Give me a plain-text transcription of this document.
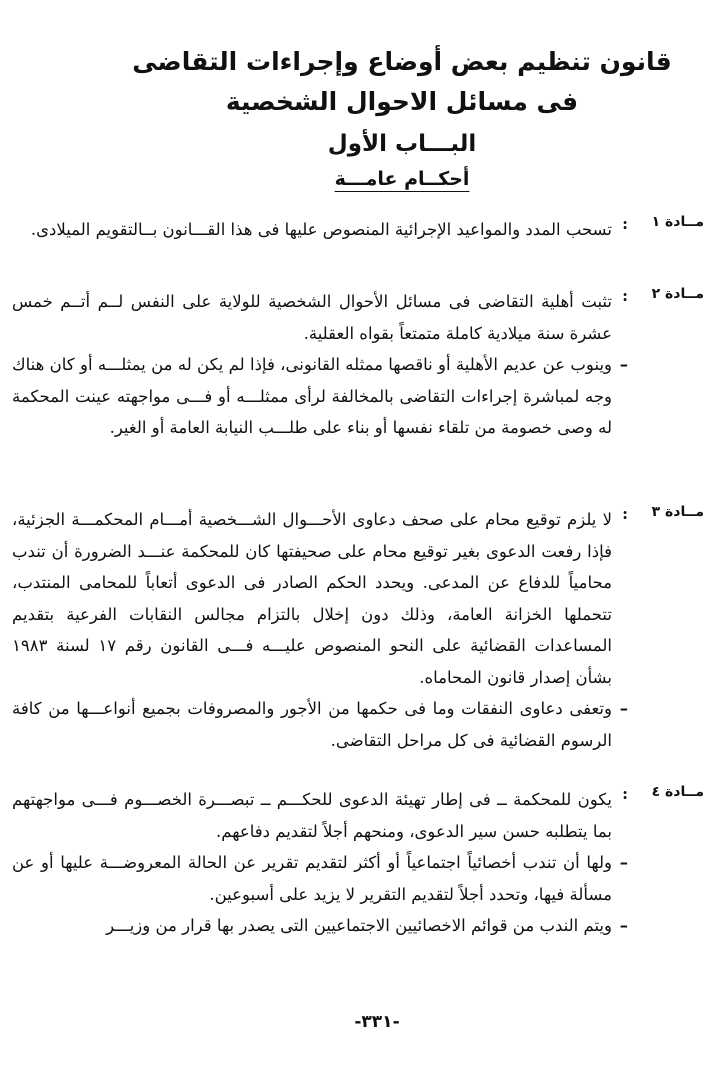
قانون تنظيم بعض أوضاع وإجراءات التقاضى

فى مسائل الاحوال الشخصية

البـــاب الأول

أحكــام عامـــة

مــادة ١
:

تسحب المدد والمواعيد الإجرائية المنصوص عليها فى هذا القـــانون بــالتقويم الميلادى.

مــادة ٢
:

تثبت أهلية التقاضى فى مسائل الأحوال الشخصية للولاية على النفس لــم أتــم خمس عشرة سنة ميلادية كاملة متمتعاً بقواه العقلية.

–

وينوب عن عديم الأهلية أو ناقصها ممثله القانونى، فإذا لم يكن له من يمثلـــه أو كان هناك وجه لمباشرة إجراءات التقاضى بالمخالفة لرأى ممثلـــه أو فـــى مواجهته عينت المحكمة له وصى خصومة من تلقاء نفسها أو بناء على طلـــب النيابة العامة أو الغير.

مــادة ٣
:

لا يلزم توقيع محام على صحف دعاوى الأحـــوال الشـــخصية أمـــام المحكمـــة الجزئية، فإذا رفعت الدعوى بغير توقيع محام على صحيفتها كان للمحكمة عنـــد الضرورة أن تندب محامياً للدفاع عن المدعى. ويحدد الحكم الصادر فى الدعوى أتعاباً للمحامى المنتدب، تتحملها الخزانة العامة، وذلك دون إخلال بالتزام مجالس النقابات الفرعية بتقديم المساعدات القضائية على النحو المنصوص عليـــه فـــى القانون رقم ١٧ لسنة ١٩٨٣ بشأن إصدار قانون المحاماه.

–

وتعفى دعاوى النفقات وما فى حكمها من الأجور والمصروفات بجميع أنواعـــها من كافة الرسوم القضائية فى كل مراحل التقاضى.

مــادة ٤
:

يكون للمحكمة ــ فى إطار تهيئة الدعوى للحكـــم ــ تبصـــرة الخصـــوم فـــى مواجهتهم بما يتطلبه حسن سير الدعوى، ومنحهم أجلاً لتقديم دفاعهم.

–

ولها أن تندب أخصائياً اجتماعياً أو أكثر لتقديم تقرير عن الحالة المعروضـــة عليها أو عن مسألة فيها، وتحدد أجلاً لتقديم التقرير لا يزيد على أسبوعين.

–

ويتم الندب من قوائم الاخصائيين الاجتماعيين التى يصدر بها قرار من وزيـــر

-٣٣١-
